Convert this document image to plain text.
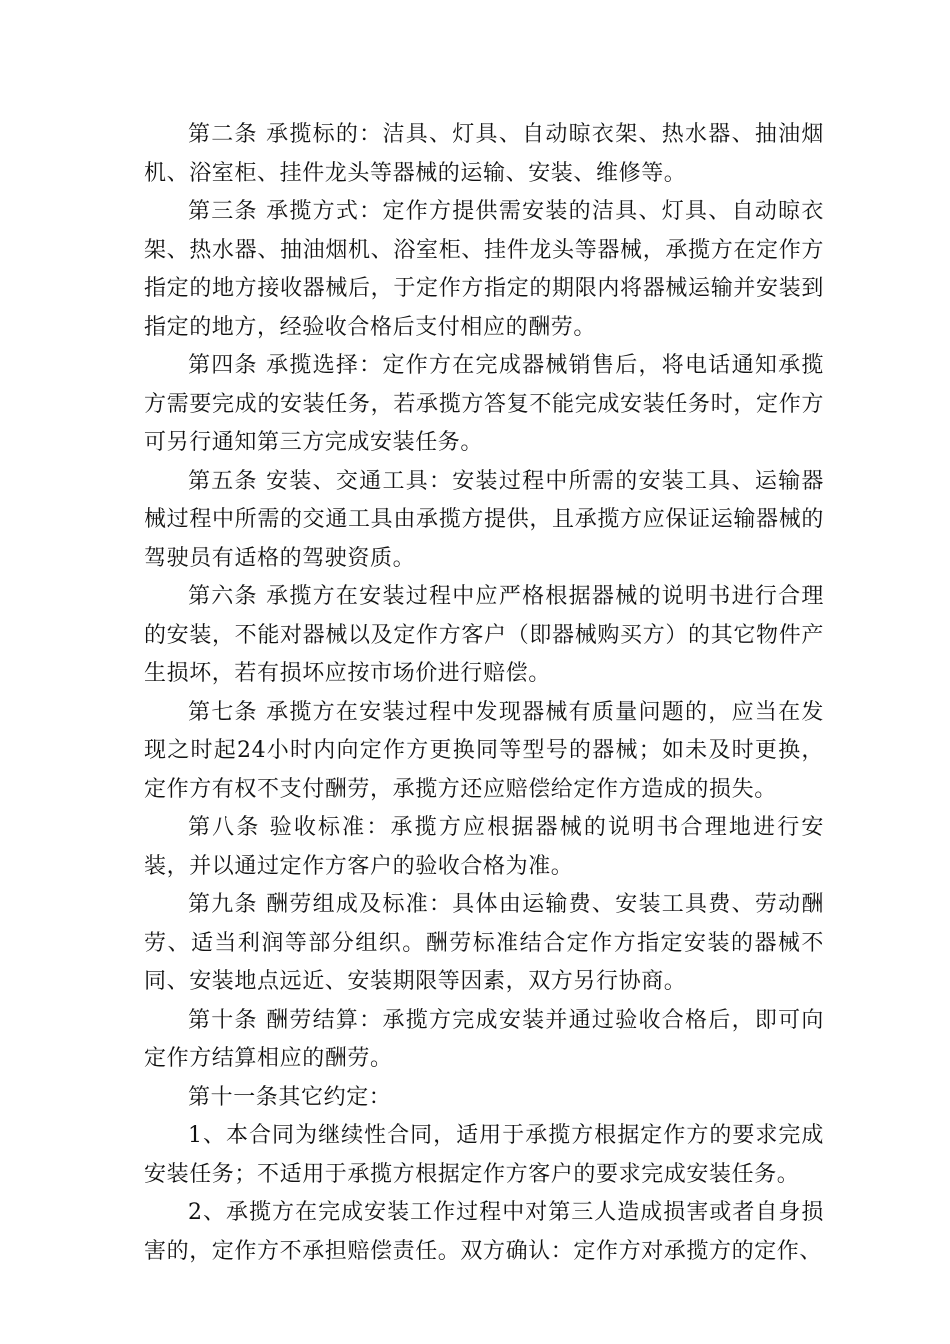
第二条 承揽标的：洁具、灯具、自动晾衣架、热水器、抽油烟机、浴室柜、挂件龙头等器械的运输、安装、维修等。

第三条 承揽方式：定作方提供需安装的洁具、灯具、自动晾衣架、热水器、抽油烟机、浴室柜、挂件龙头等器械，承揽方在定作方指定的地方接收器械后，于定作方指定的期限内将器械运输并安装到指定的地方，经验收合格后支付相应的酬劳。

第四条 承揽选择：定作方在完成器械销售后，将电话通知承揽方需要完成的安装任务，若承揽方答复不能完成安装任务时，定作方可另行通知第三方完成安装任务。

第五条 安装、交通工具：安装过程中所需的安装工具、运输器械过程中所需的交通工具由承揽方提供，且承揽方应保证运输器械的驾驶员有适格的驾驶资质。

第六条 承揽方在安装过程中应严格根据器械的说明书进行合理的安装，不能对器械以及定作方客户（即器械购买方）的其它物件产生损坏，若有损坏应按市场价进行赔偿。

第七条 承揽方在安装过程中发现器械有质量问题的，应当在发现之时起24小时内向定作方更换同等型号的器械；如未及时更换，定作方有权不支付酬劳，承揽方还应赔偿给定作方造成的损失。

第八条 验收标准：承揽方应根据器械的说明书合理地进行安装，并以通过定作方客户的验收合格为准。

第九条 酬劳组成及标准：具体由运输费、安装工具费、劳动酬劳、适当利润等部分组织。酬劳标准结合定作方指定安装的器械不同、安装地点远近、安装期限等因素，双方另行协商。

第十条 酬劳结算：承揽方完成安装并通过验收合格后，即可向定作方结算相应的酬劳。

第十一条其它约定：

1、本合同为继续性合同，适用于承揽方根据定作方的要求完成安装任务；不适用于承揽方根据定作方客户的要求完成安装任务。

2、承揽方在完成安装工作过程中对第三人造成损害或者自身损害的，定作方不承担赔偿责任。双方确认：定作方对承揽方的定作、
